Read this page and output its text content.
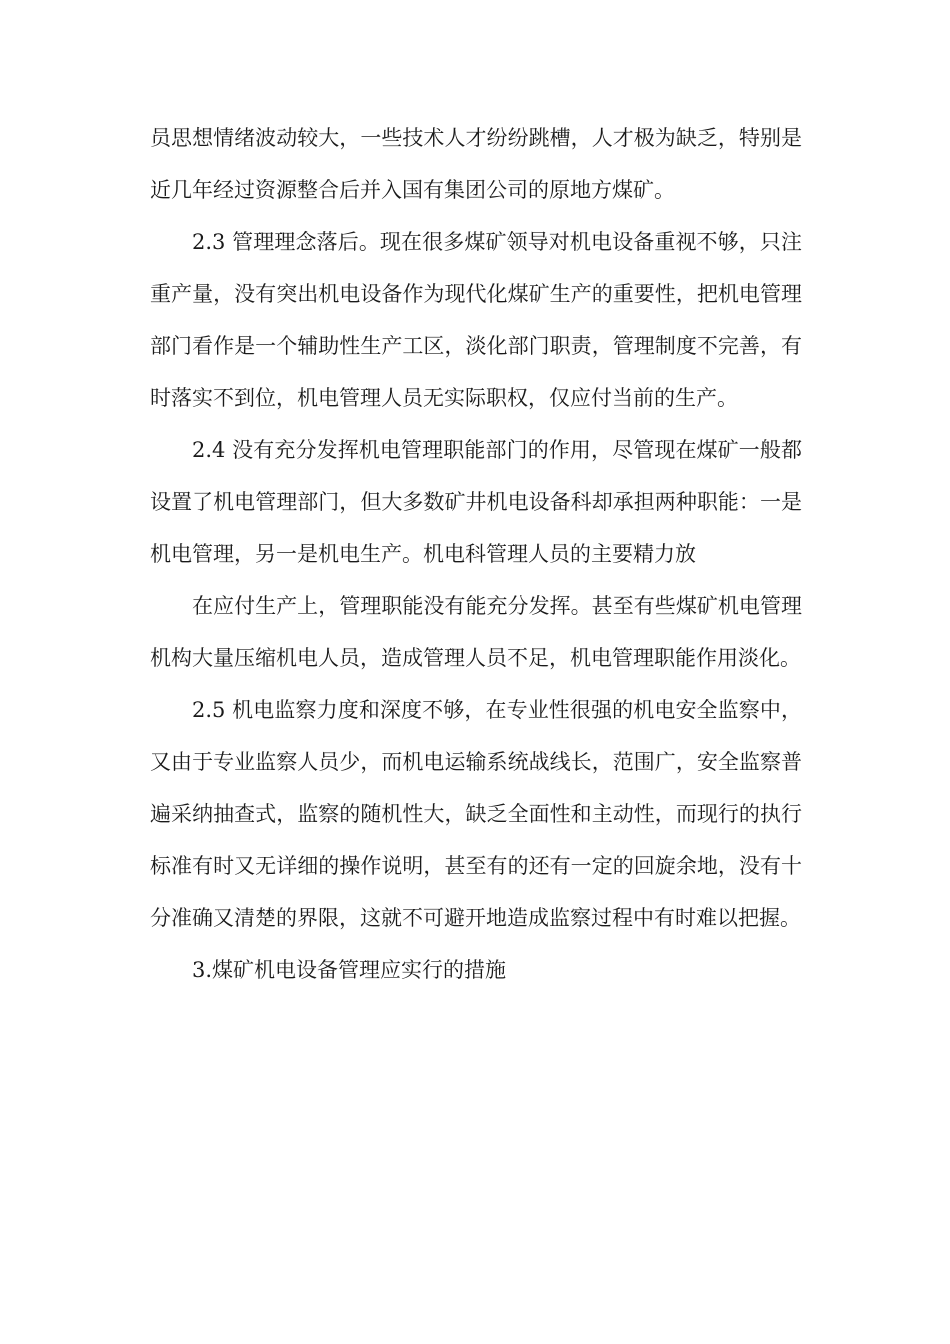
员思想情绪波动较大，一些技术人才纷纷跳槽，人才极为缺乏，特别是近几年经过资源整合后并入国有集团公司的原地方煤矿。

2.3 管理理念落后。现在很多煤矿领导对机电设备重视不够，只注重产量，没有突出机电设备作为现代化煤矿生产的重要性，把机电管理部门看作是一个辅助性生产工区，淡化部门职责，管理制度不完善，有时落实不到位，机电管理人员无实际职权，仅应付当前的生产。

2.4 没有充分发挥机电管理职能部门的作用，尽管现在煤矿一般都设置了机电管理部门，但大多数矿井机电设备科却承担两种职能：一是机电管理，另一是机电生产。机电科管理人员的主要精力放

在应付生产上，管理职能没有能充分发挥。甚至有些煤矿机电管理机构大量压缩机电人员，造成管理人员不足，机电管理职能作用淡化。

2.5 机电监察力度和深度不够，在专业性很强的机电安全监察中，又由于专业监察人员少，而机电运输系统战线长，范围广，安全监察普遍采纳抽查式，监察的随机性大，缺乏全面性和主动性，而现行的执行标准有时又无详细的操作说明，甚至有的还有一定的回旋余地，没有十分准确又清楚的界限，这就不可避开地造成监察过程中有时难以把握。

3.煤矿机电设备管理应实行的措施
